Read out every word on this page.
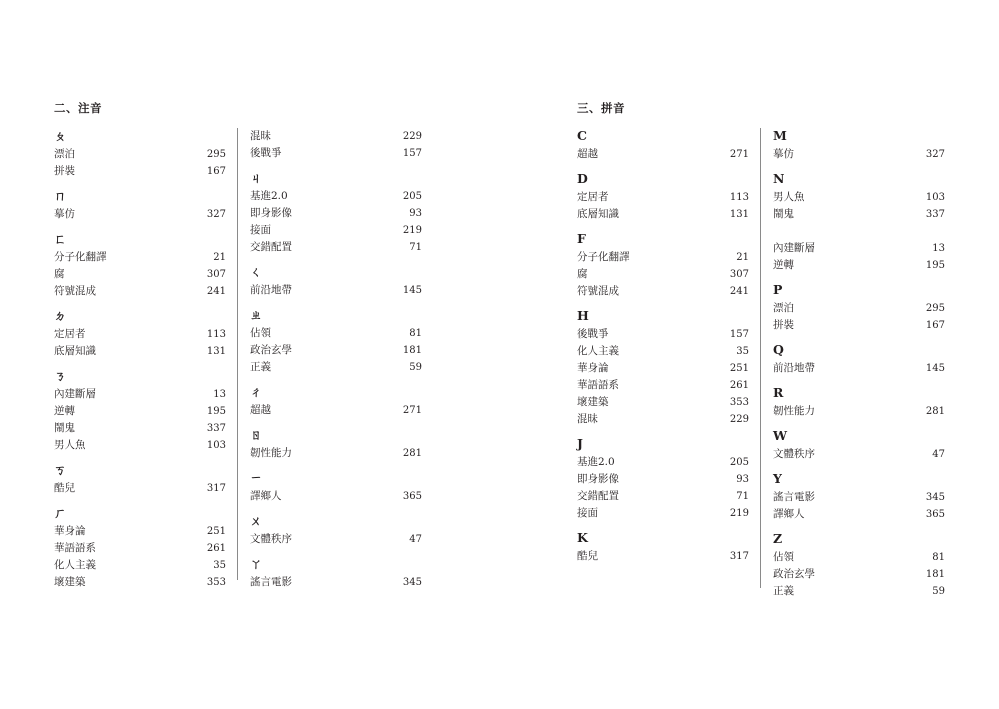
二、注音	三、拼音
ㄆ
漂泊	295
拼裝	167
ㄇ
摹仿	327
ㄈ
分子化翻譯	21
腐	307
符號混成	241
ㄉ
定居者	113
底層知識	131
ㄋ
內建斷層	13
逆轉	195
鬧鬼	337
男人魚	103
ㄎ
酷兒	317
ㄏ
華身論	251
華語語系	261
化人主義	35
壞建築	353
混昧	229
後戰爭	157
ㄐ
基進2.0	205
即身影像	93
接面	219
交錯配置	71
ㄑ
前沿地帶	145
ㄓ
佔領	81
政治玄學	181
正義	59
ㄔ
超越	271
ㄖ
韌性能力	281
ㄧ
譯鄉人	365
ㄨ
文體秩序	47
ㄚ
謠言電影	345
C
超越	271
D
定居者	113
底層知識	131
F
分子化翻譯	21
腐	307
符號混成	241
H
後戰爭	157
化人主義	35
華身論	251
華語語系	261
壞建築	353
混昧	229
J
基進2.0	205
即身影像	93
交錯配置	71
接面	219
K
酷兒	317
M
摹仿	327
N
男人魚	103
鬧鬼	337
內建斷層	13
逆轉	195
P
漂泊	295
拼裝	167
Q
前沿地帶	145
R
韌性能力	281
W
文體秩序	47
Y
謠言電影	345
譯鄉人	365
Z
佔領	81
政治玄學	181
正義	59
